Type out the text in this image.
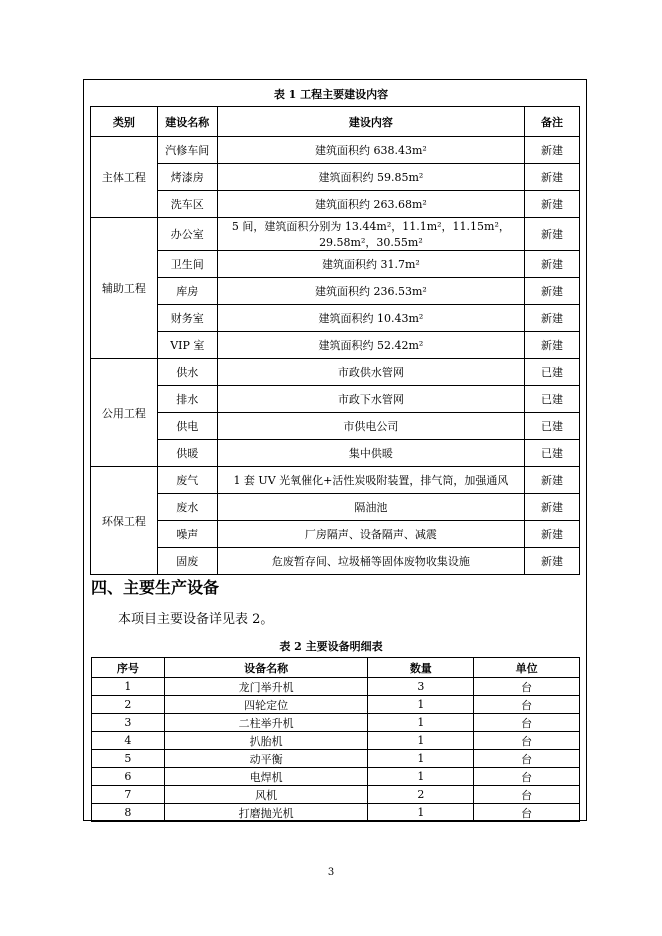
表 1 工程主要建设内容
类别	建设名称	建设内容	备注
主体工程	汽修车间	建筑面积约 638.43m²	新建
	烤漆房	建筑面积约 59.85m²	新建
	洗车区	建筑面积约 263.68m²	新建
辅助工程	办公室	5 间，建筑面积分别为 13.44m²，11.1m²，11.15m²，29.58m²，30.55m²	新建
	卫生间	建筑面积约 31.7m²	新建
	库房	建筑面积约 236.53m²	新建
	财务室	建筑面积约 10.43m²	新建
	VIP 室	建筑面积约 52.42m²	新建
公用工程	供水	市政供水管网	已建
	排水	市政下水管网	已建
	供电	市供电公司	已建
	供暖	集中供暖	已建
环保工程	废气	1 套 UV 光氧催化+活性炭吸附装置，排气筒，加强通风	新建
	废水	隔油池	新建
	噪声	厂房隔声、设备隔声、减震	新建
	固废	危废暂存间、垃圾桶等固体废物收集设施	新建
四、主要生产设备
本项目主要设备详见表 2。
表 2 主要设备明细表
序号	设备名称	数量	单位
1	龙门举升机	3	台
2	四轮定位	1	台
3	二柱举升机	1	台
4	扒胎机	1	台
5	动平衡	1	台
6	电焊机	1	台
7	风机	2	台
8	打磨抛光机	1	台
3
